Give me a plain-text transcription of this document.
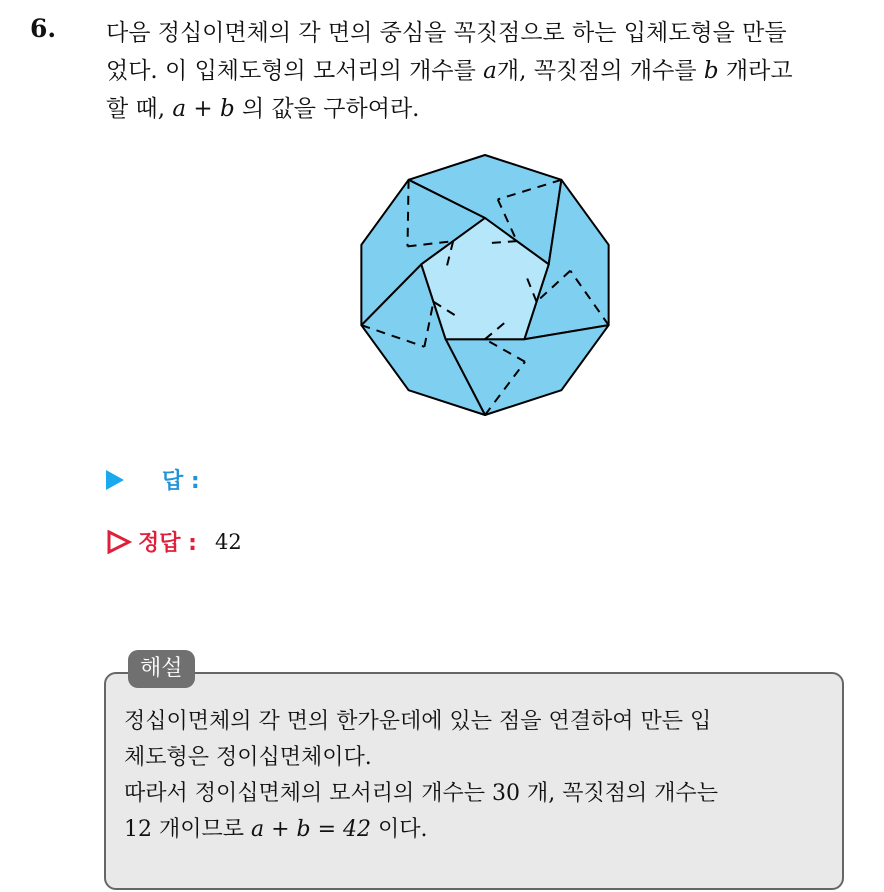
6. 다음 정십이면체의 각 면의 중심을 꼭짓점으로 하는 입체도형을 만들
었다. 이 입체도형의 모서리의 개수를 a개, 꼭짓점의 개수를 b 개라고
할 때, a + b 의 값을 구하여라.
답 :
정답 : 42
해설
정십이면체의 각 면의 한가운데에 있는 점을 연결하여 만든 입
체도형은 정이십면체이다.
따라서 정이십면체의 모서리의 개수는 30 개, 꼭짓점의 개수는
12 개이므로 a + b = 42 이다.
